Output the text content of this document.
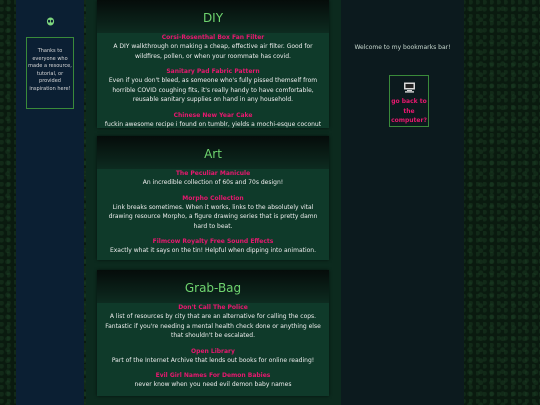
Thanks to everyone who made a resource, tutorial, or provided inspiration here!
DIY
Corsi-Rosenthal Box Fan Filter
A DIY walkthrough on making a cheap, effective air filter. Good for wildfires, pollen, or when your roommate has covid.
Sanitary Pad Fabric Pattern
Even if you don't bleed, as someone who's fully pissed themself from horrible COVID coughing fits, it's really handy to have comfortable, reusable sanitary supplies on hand in any household.
Chinese New Year Cake
fuckin awesome recipe i found on tumblr, yields a mochi-esque coconut
Art
The Peculiar Manicule
An incredible collection of 60s and 70s design!
Morpho Collection
Link breaks sometimes. When it works, links to the absolutely vital drawing resource Morpho, a figure drawing series that is pretty damn hard to beat.
Filmcow Royalty Free Sound Effects
Exactly what it says on the tin! Helpful when dipping into animation.
Grab-Bag
Don't Call The Police
A list of resources by city that are an alternative for calling the cops. Fantastic if you're needing a mental health check done or anything else that shouldn't be escalated.
Open Library
Part of the Internet Archive that lends out books for online reading!
Evil Girl Names For Demon Babies
never know when you need evil demon baby names
Welcome to my bookmarks bar!
go back to the computer?
